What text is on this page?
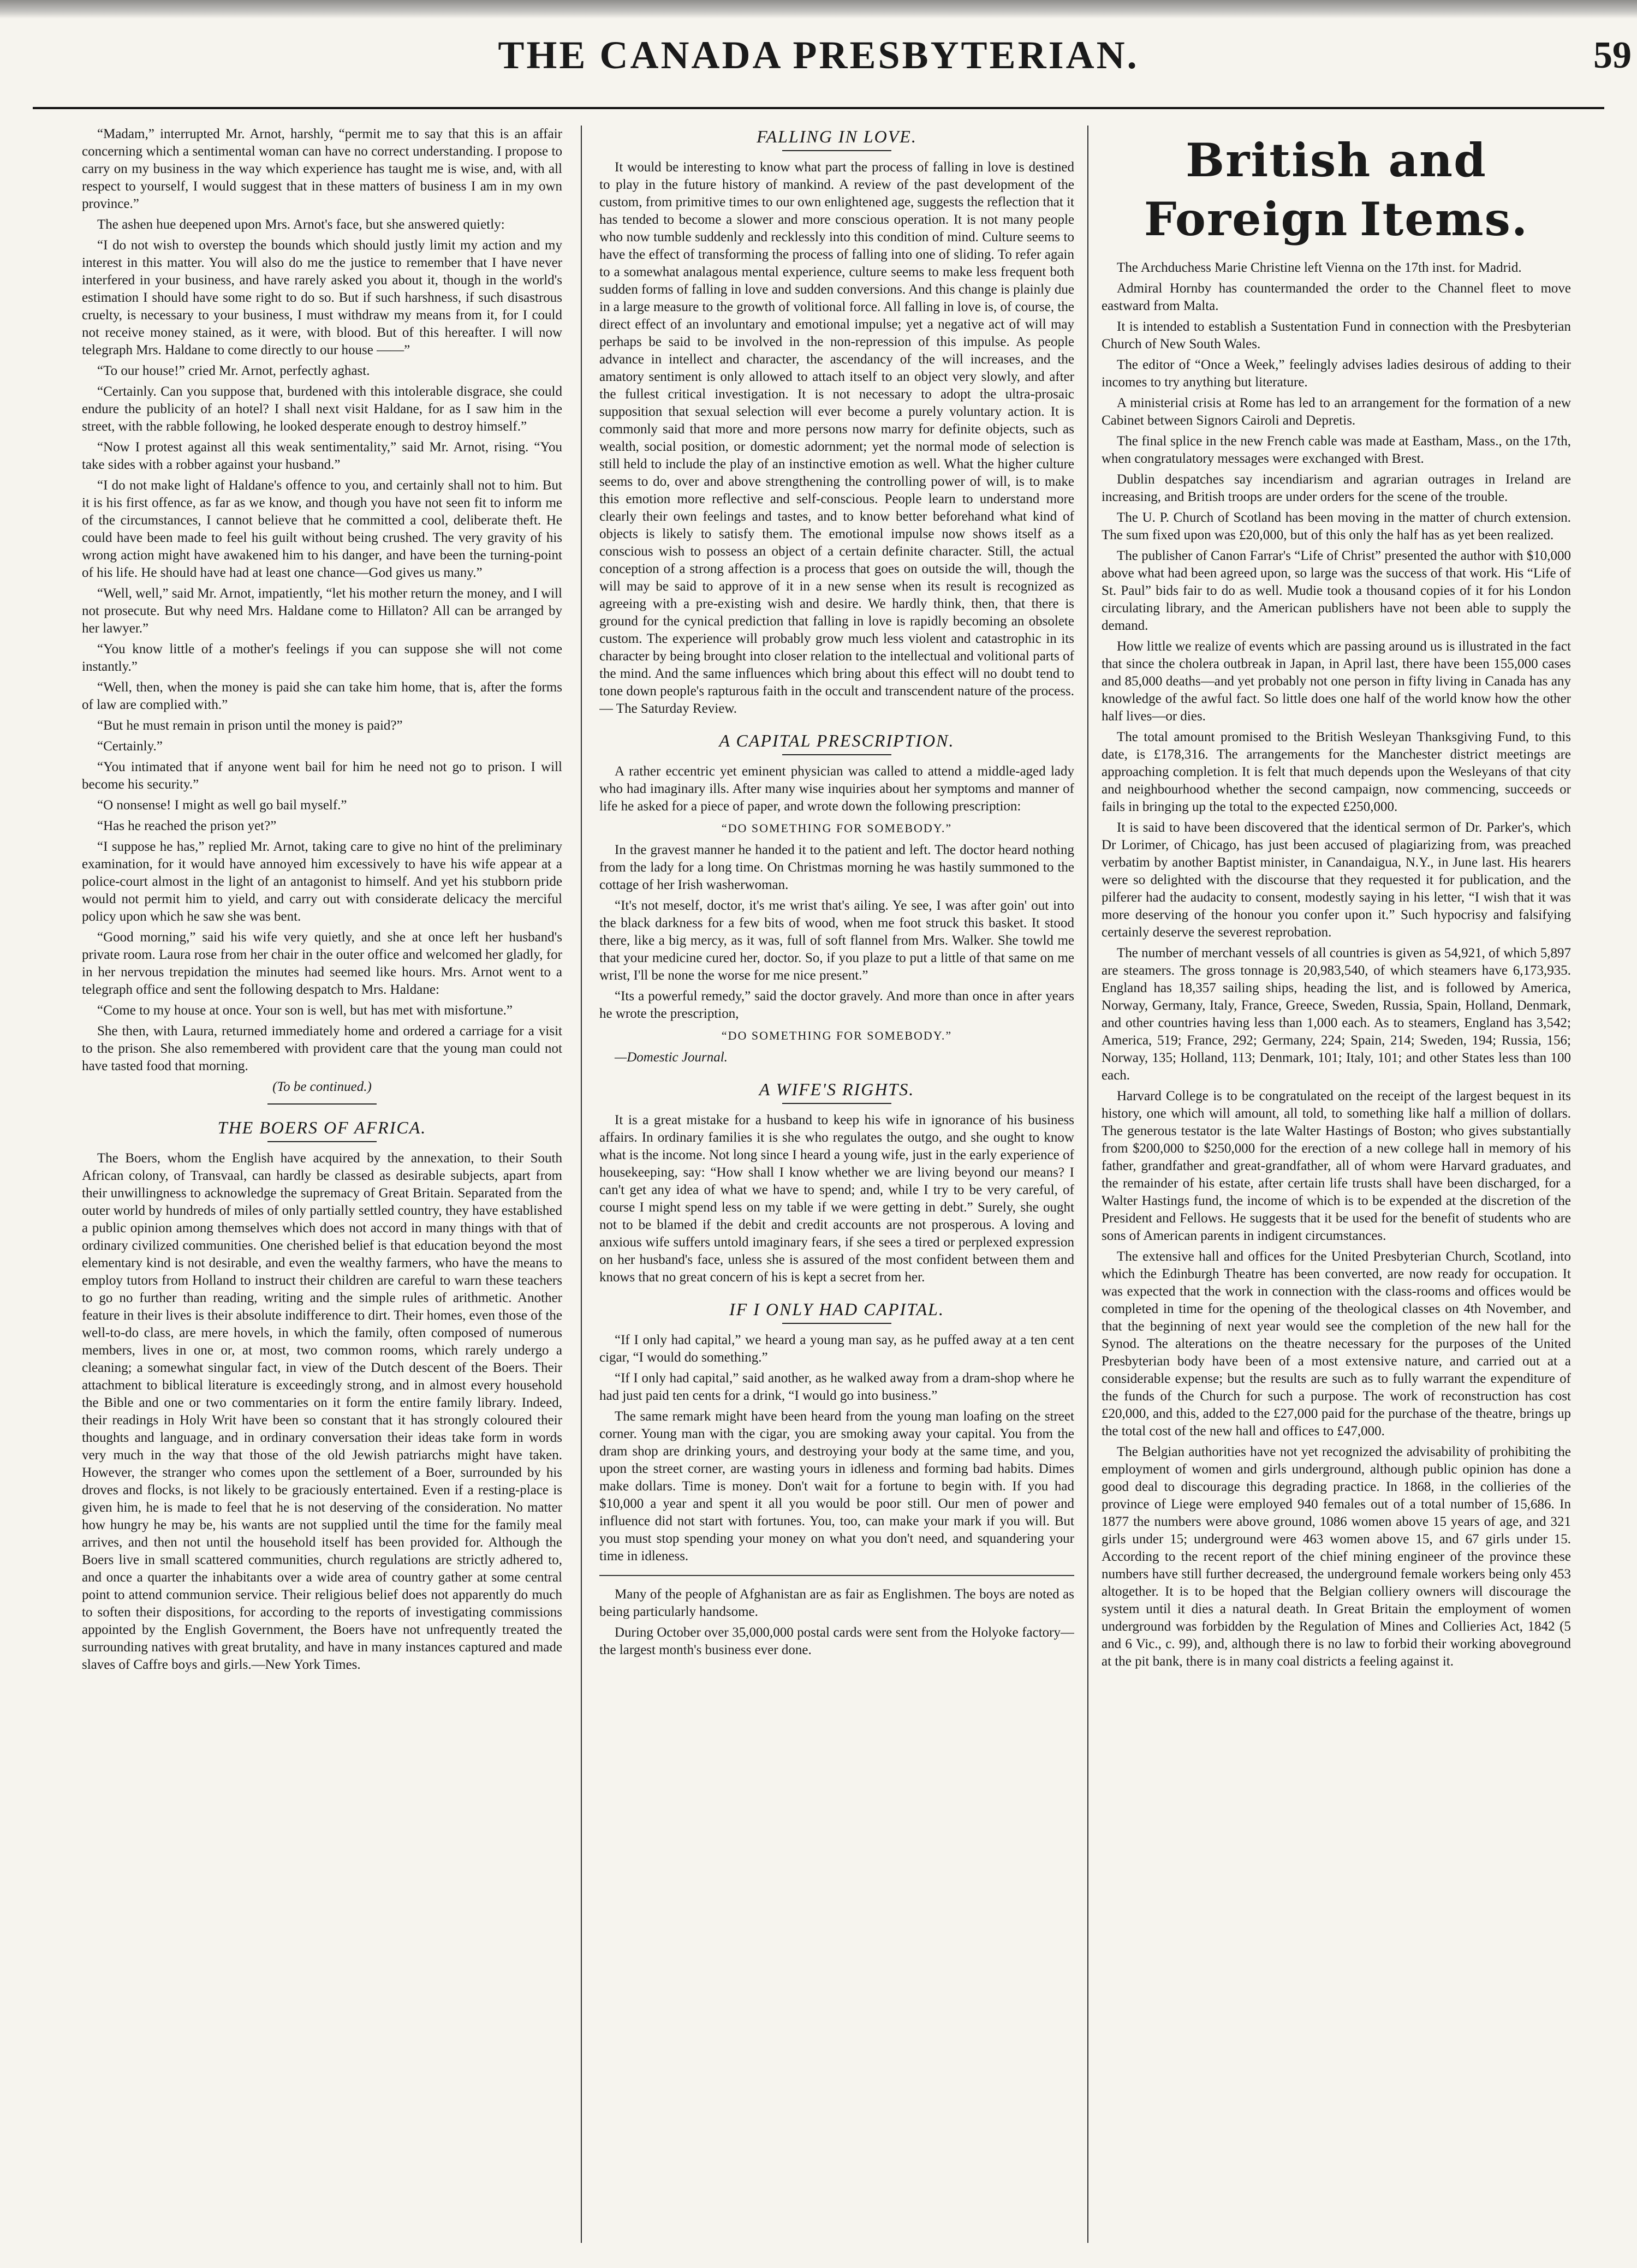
THE CANADA PRESBYTERIAN.	59

“Madam,” interrupted Mr. Arnot, harshly, “permit me to say that this is an affair concerning which a sentimental woman can have no correct understanding. I propose to carry on my business in the way which experience has taught me is wise, and, with all respect to yourself, I would suggest that in these matters of business I am in my own province.”

The ashen hue deepened upon Mrs. Arnot's face, but she answered quietly:

“I do not wish to overstep the bounds which should justly limit my action and my interest in this matter. You will also do me the justice to remember that I have never interfered in your business, and have rarely asked you about it, though in the world's estimation I should have some right to do so. But if such harshness, if such disastrous cruelty, is necessary to your business, I must withdraw my means from it, for I could not receive money stained, as it were, with blood. But of this hereafter. I will now telegraph Mrs. Haldane to come directly to our house ——”

“To our house!” cried Mr. Arnot, perfectly aghast.

“Certainly. Can you suppose that, burdened with this intolerable disgrace, she could endure the publicity of an hotel? I shall next visit Haldane, for as I saw him in the street, with the rabble following, he looked desperate enough to destroy himself.”

“Now I protest against all this weak sentimentality,” said Mr. Arnot, rising. “You take sides with a robber against your husband.”

“I do not make light of Haldane's offence to you, and certainly shall not to him. But it is his first offence, as far as we know, and though you have not seen fit to inform me of the circumstances, I cannot believe that he committed a cool, deliberate theft. He could have been made to feel his guilt without being crushed. The very gravity of his wrong action might have awakened him to his danger, and have been the turning-point of his life. He should have had at least one chance—God gives us many.”

“Well, well,” said Mr. Arnot, impatiently, “let his mother return the money, and I will not prosecute. But why need Mrs. Haldane come to Hillaton? All can be arranged by her lawyer.”

“You know little of a mother's feelings if you can suppose she will not come instantly.”

“Well, then, when the money is paid she can take him home, that is, after the forms of law are complied with.”

“But he must remain in prison until the money is paid?”

“Certainly.”

“You intimated that if anyone went bail for him he need not go to prison. I will become his security.”

“O nonsense! I might as well go bail myself.”

“Has he reached the prison yet?”

“I suppose he has,” replied Mr. Arnot, taking care to give no hint of the preliminary examination, for it would have annoyed him excessively to have his wife appear at a police-court almost in the light of an antagonist to himself. And yet his stubborn pride would not permit him to yield, and carry out with considerate delicacy the merciful policy upon which he saw she was bent.

“Good morning,” said his wife very quietly, and she at once left her husband's private room. Laura rose from her chair in the outer office and welcomed her gladly, for in her nervous trepidation the minutes had seemed like hours. Mrs. Arnot went to a telegraph office and sent the following despatch to Mrs. Haldane:

“Come to my house at once. Your son is well, but has met with misfortune.”

She then, with Laura, returned immediately home and ordered a carriage for a visit to the prison. She also remembered with provident care that the young man could not have tasted food that morning.

(To be continued.)
THE BOERS OF AFRICA.

The Boers, whom the English have acquired by the annexation, to their South African colony, of Transvaal, can hardly be classed as desirable subjects, apart from their unwillingness to acknowledge the supremacy of Great Britain. Separated from the outer world by hundreds of miles of only partially settled country, they have established a public opinion among themselves which does not accord in many things with that of ordinary civilized communities. One cherished belief is that education beyond the most elementary kind is not desirable, and even the wealthy farmers, who have the means to employ tutors from Holland to instruct their children are careful to warn these teachers to go no further than reading, writing and the simple rules of arithmetic. Another feature in their lives is their absolute indifference to dirt. Their homes, even those of the well-to-do class, are mere hovels, in which the family, often composed of numerous members, lives in one or, at most, two common rooms, which rarely undergo a cleaning; a somewhat singular fact, in view of the Dutch descent of the Boers. Their attachment to biblical literature is exceedingly strong, and in almost every household the Bible and one or two commentaries on it form the entire family library. Indeed, their readings in Holy Writ have been so constant that it has strongly coloured their thoughts and language, and in ordinary conversation their ideas take form in words very much in the way that those of the old Jewish patriarchs might have taken. However, the stranger who comes upon the settlement of a Boer, surrounded by his droves and flocks, is not likely to be graciously entertained. Even if a resting-place is given him, he is made to feel that he is not deserving of the consideration. No matter how hungry he may be, his wants are not supplied until the time for the family meal arrives, and then not until the household itself has been provided for. Although the Boers live in small scattered communities, church regulations are strictly adhered to, and once a quarter the inhabitants over a wide area of country gather at some central point to attend communion service. Their religious belief does not apparently do much to soften their dispositions, for according to the reports of investigating commissions appointed by the English Government, the Boers have not unfrequently treated the surrounding natives with great brutality, and have in many instances captured and made slaves of Caffre boys and girls.—New York Times.

FALLING IN LOVE.

It would be interesting to know what part the process of falling in love is destined to play in the future history of mankind. A review of the past development of the custom, from primitive times to our own enlightened age, suggests the reflection that it has tended to become a slower and more conscious operation. It is not many people who now tumble suddenly and recklessly into this condition of mind. Culture seems to have the effect of transforming the process of falling into one of sliding. To refer again to a somewhat analagous mental experience, culture seems to make less frequent both sudden forms of falling in love and sudden conversions. And this change is plainly due in a large measure to the growth of volitional force. All falling in love is, of course, the direct effect of an involuntary and emotional impulse; yet a negative act of will may perhaps be said to be involved in the non-repression of this impulse. As people advance in intellect and character, the ascendancy of the will increases, and the amatory sentiment is only allowed to attach itself to an object very slowly, and after the fullest critical investigation. It is not necessary to adopt the ultra-prosaic supposition that sexual selection will ever become a purely voluntary action. It is commonly said that more and more persons now marry for definite objects, such as wealth, social position, or domestic adornment; yet the normal mode of selection is still held to include the play of an instinctive emotion as well. What the higher culture seems to do, over and above strengthening the controlling power of will, is to make this emotion more reflective and self-conscious. People learn to understand more clearly their own feelings and tastes, and to know better beforehand what kind of objects is likely to satisfy them. The emotional impulse now shows itself as a conscious wish to possess an object of a certain definite character. Still, the actual conception of a strong affection is a process that goes on outside the will, though the will may be said to approve of it in a new sense when its result is recognized as agreeing with a pre-existing wish and desire. We hardly think, then, that there is ground for the cynical prediction that falling in love is rapidly becoming an obsolete custom. The experience will probably grow much less violent and catastrophic in its character by being brought into closer relation to the intellectual and volitional parts of the mind. And the same influences which bring about this effect will no doubt tend to tone down people's rapturous faith in the occult and transcendent nature of the process.— The Saturday Review.

A CAPITAL PRESCRIPTION.

A rather eccentric yet eminent physician was called to attend a middle-aged lady who had imaginary ills. After many wise inquiries about her symptoms and manner of life he asked for a piece of paper, and wrote down the following prescription:

“DO SOMETHING FOR SOMEBODY.”

In the gravest manner he handed it to the patient and left. The doctor heard nothing from the lady for a long time. On Christmas morning he was hastily summoned to the cottage of her Irish washerwoman.

“It's not meself, doctor, it's me wrist that's ailing. Ye see, I was after goin' out into the black darkness for a few bits of wood, when me foot struck this basket. It stood there, like a big mercy, as it was, full of soft flannel from Mrs. Walker. She towld me that your medicine cured her, doctor. So, if you plaze to put a little of that same on me wrist, I'll be none the worse for me nice present.”

“Its a powerful remedy,” said the doctor gravely. And more than once in after years he wrote the prescription,

“DO SOMETHING FOR SOMEBODY.”

—Domestic Journal.

A WIFE'S RIGHTS.

It is a great mistake for a husband to keep his wife in ignorance of his business affairs. In ordinary families it is she who regulates the outgo, and she ought to know what is the income. Not long since I heard a young wife, just in the early experience of housekeeping, say: “How shall I know whether we are living beyond our means? I can't get any idea of what we have to spend; and, while I try to be very careful, of course I might spend less on my table if we were getting in debt.” Surely, she ought not to be blamed if the debit and credit accounts are not prosperous. A loving and anxious wife suffers untold imaginary fears, if she sees a tired or perplexed expression on her husband's face, unless she is assured of the most confident between them and knows that no great concern of his is kept a secret from her.

IF I ONLY HAD CAPITAL.

“If I only had capital,” we heard a young man say, as he puffed away at a ten cent cigar, “I would do something.”

“If I only had capital,” said another, as he walked away from a dram-shop where he had just paid ten cents for a drink, “I would go into business.”

The same remark might have been heard from the young man loafing on the street corner. Young man with the cigar, you are smoking away your capital. You from the dram shop are drinking yours, and destroying your body at the same time, and you, upon the street corner, are wasting yours in idleness and forming bad habits. Dimes make dollars. Time is money. Don't wait for a fortune to begin with. If you had $10,000 a year and spent it all you would be poor still. Our men of power and influence did not start with fortunes. You, too, can make your mark if you will. But you must stop spending your money on what you don't need, and squandering your time in idleness.

Many of the people of Afghanistan are as fair as Englishmen. The boys are noted as being particularly handsome.

During October over 35,000,000 postal cards were sent from the Holyoke factory—the largest month's business ever done.

British and Foreign Items.

The Archduchess Marie Christine left Vienna on the 17th inst. for Madrid.

Admiral Hornby has countermanded the order to the Channel fleet to move eastward from Malta.

It is intended to establish a Sustentation Fund in connection with the Presbyterian Church of New South Wales.

The editor of “Once a Week,” feelingly advises ladies desirous of adding to their incomes to try anything but literature.

A ministerial crisis at Rome has led to an arrangement for the formation of a new Cabinet between Signors Cairoli and Depretis.

The final splice in the new French cable was made at Eastham, Mass., on the 17th, when congratulatory messages were exchanged with Brest.

Dublin despatches say incendiarism and agrarian outrages in Ireland are increasing, and British troops are under orders for the scene of the trouble.

The U. P. Church of Scotland has been moving in the matter of church extension. The sum fixed upon was £20,000, but of this only the half has as yet been realized.

The publisher of Canon Farrar's “Life of Christ” presented the author with $10,000 above what had been agreed upon, so large was the success of that work. His “Life of St. Paul” bids fair to do as well. Mudie took a thousand copies of it for his London circulating library, and the American publishers have not been able to supply the demand.

How little we realize of events which are passing around us is illustrated in the fact that since the cholera outbreak in Japan, in April last, there have been 155,000 cases and 85,000 deaths—and yet probably not one person in fifty living in Canada has any knowledge of the awful fact. So little does one half of the world know how the other half lives—or dies.

The total amount promised to the British Wesleyan Thanksgiving Fund, to this date, is £178,316. The arrangements for the Manchester district meetings are approaching completion. It is felt that much depends upon the Wesleyans of that city and neighbourhood whether the second campaign, now commencing, succeeds or fails in bringing up the total to the expected £250,000.

It is said to have been discovered that the identical sermon of Dr. Parker's, which Dr Lorimer, of Chicago, has just been accused of plagiarizing from, was preached verbatim by another Baptist minister, in Canandaigua, N.Y., in June last. His hearers were so delighted with the discourse that they requested it for publication, and the pilferer had the audacity to consent, modestly saying in his letter, “I wish that it was more deserving of the honour you confer upon it.” Such hypocrisy and falsifying certainly deserve the severest reprobation.

The number of merchant vessels of all countries is given as 54,921, of which 5,897 are steamers. The gross tonnage is 20,983,540, of which steamers have 6,173,935. England has 18,357 sailing ships, heading the list, and is followed by America, Norway, Germany, Italy, France, Greece, Sweden, Russia, Spain, Holland, Denmark, and other countries having less than 1,000 each. As to steamers, England has 3,542; America, 519; France, 292; Germany, 224; Spain, 214; Sweden, 194; Russia, 156; Norway, 135; Holland, 113; Denmark, 101; Italy, 101; and other States less than 100 each.

Harvard College is to be congratulated on the receipt of the largest bequest in its history, one which will amount, all told, to something like half a million of dollars. The generous testator is the late Walter Hastings of Boston; who gives substantially from $200,000 to $250,000 for the erection of a new college hall in memory of his father, grandfather and great-grandfather, all of whom were Harvard graduates, and the remainder of his estate, after certain life trusts shall have been discharged, for a Walter Hastings fund, the income of which is to be expended at the discretion of the President and Fellows. He suggests that it be used for the benefit of students who are sons of American parents in indigent circumstances.

The extensive hall and offices for the United Presbyterian Church, Scotland, into which the Edinburgh Theatre has been converted, are now ready for occupation. It was expected that the work in connection with the class-rooms and offices would be completed in time for the opening of the theological classes on 4th November, and that the beginning of next year would see the completion of the new hall for the Synod. The alterations on the theatre necessary for the purposes of the United Presbyterian body have been of a most extensive nature, and carried out at a considerable expense; but the results are such as to fully warrant the expenditure of the funds of the Church for such a purpose. The work of reconstruction has cost £20,000, and this, added to the £27,000 paid for the purchase of the theatre, brings up the total cost of the new hall and offices to £47,000.

The Belgian authorities have not yet recognized the advisability of prohibiting the employment of women and girls underground, although public opinion has done a good deal to discourage this degrading practice. In 1868, in the collieries of the province of Liege were employed 940 females out of a total number of 15,686. In 1877 the numbers were above ground, 1086 women above 15 years of age, and 321 girls under 15; underground were 463 women above 15, and 67 girls under 15. According to the recent report of the chief mining engineer of the province these numbers have still further decreased, the underground female workers being only 453 altogether. It is to be hoped that the Belgian colliery owners will discourage the system until it dies a natural death. In Great Britain the employment of women underground was forbidden by the Regulation of Mines and Collieries Act, 1842 (5 and 6 Vic., c. 99), and, although there is no law to forbid their working aboveground at the pit bank, there is in many coal districts a feeling against it.
